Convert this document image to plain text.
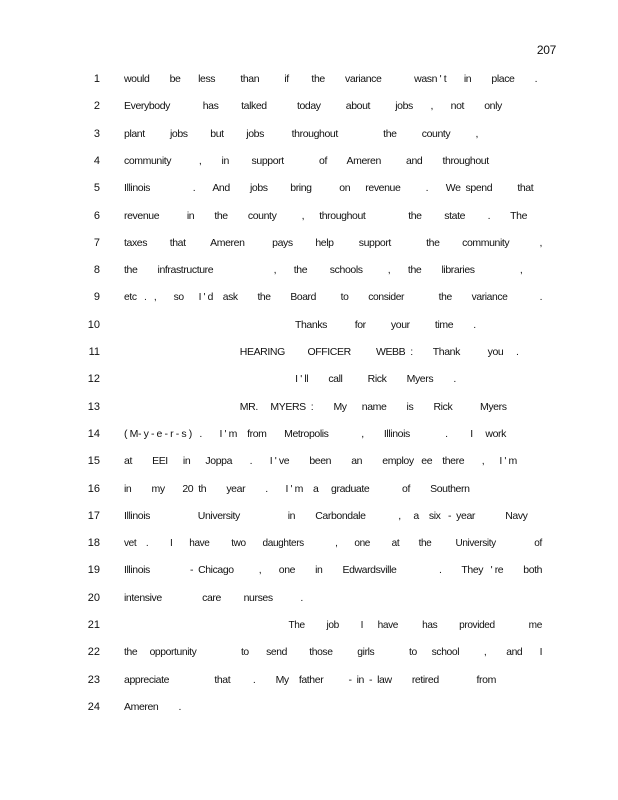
207
1 would        be       less          than          if         the        variance             wasn ' t       in        place        .
2 Everybody             has         talked            today          about          jobs       ,       not        only
3 plant          jobs         but         jobs           throughout                  the          county          ,
4 community           ,        in         support              of        Ameren          and        throughout
5 Illinois                 .       And        jobs         bring           on      revenue          .       We  spend          that
6 revenue           in        the        county          ,      throughout                 the         state         .        The
7 taxes         that          Ameren           pays         help          support              the         community            ,
8 the        infrastructure                        ,       the         schools          ,       the        libraries                  ,
9 etc   .   ,       so      I ' d    ask        the        Board          to        consider              the        variance             .
10 Thanks           for          your          time        .
11 HEARING         OFFICER          WEBB  :        Thank           you     .
12 I ' ll        call          Rick        Myers        .
13 MR.     MYERS  :        My      name        is        Rick           Myers
14 ( M- y - e - r - s )   .       I ' m    from       Metropolis             ,        Illinois              .         I     work
15 at        EEI      in      Joppa       .       I ' ve        been        an        employ   ee    there       ,      I ' m
16 in        my       20  th        year        .       I ' m    a     graduate             of        Southern
17 Illinois                   University                   in        Carbondale             ,     a    six   -  year            Navy
18 vet    .         I       have         two       daughters             ,       one         at        the          University                of
19 Illinois                -  Chicago          ,       one        in        Edwardsville                 .        They   ' re        both
20 intensive                care         nurses           .
21 The         job         I      have          has         provided              me
22 the     opportunity                  to       send         those          girls              to      school          ,        and       I
23 appreciate                  that         .        My    father          -  in  -  law        retired               from
24 Ameren        .
